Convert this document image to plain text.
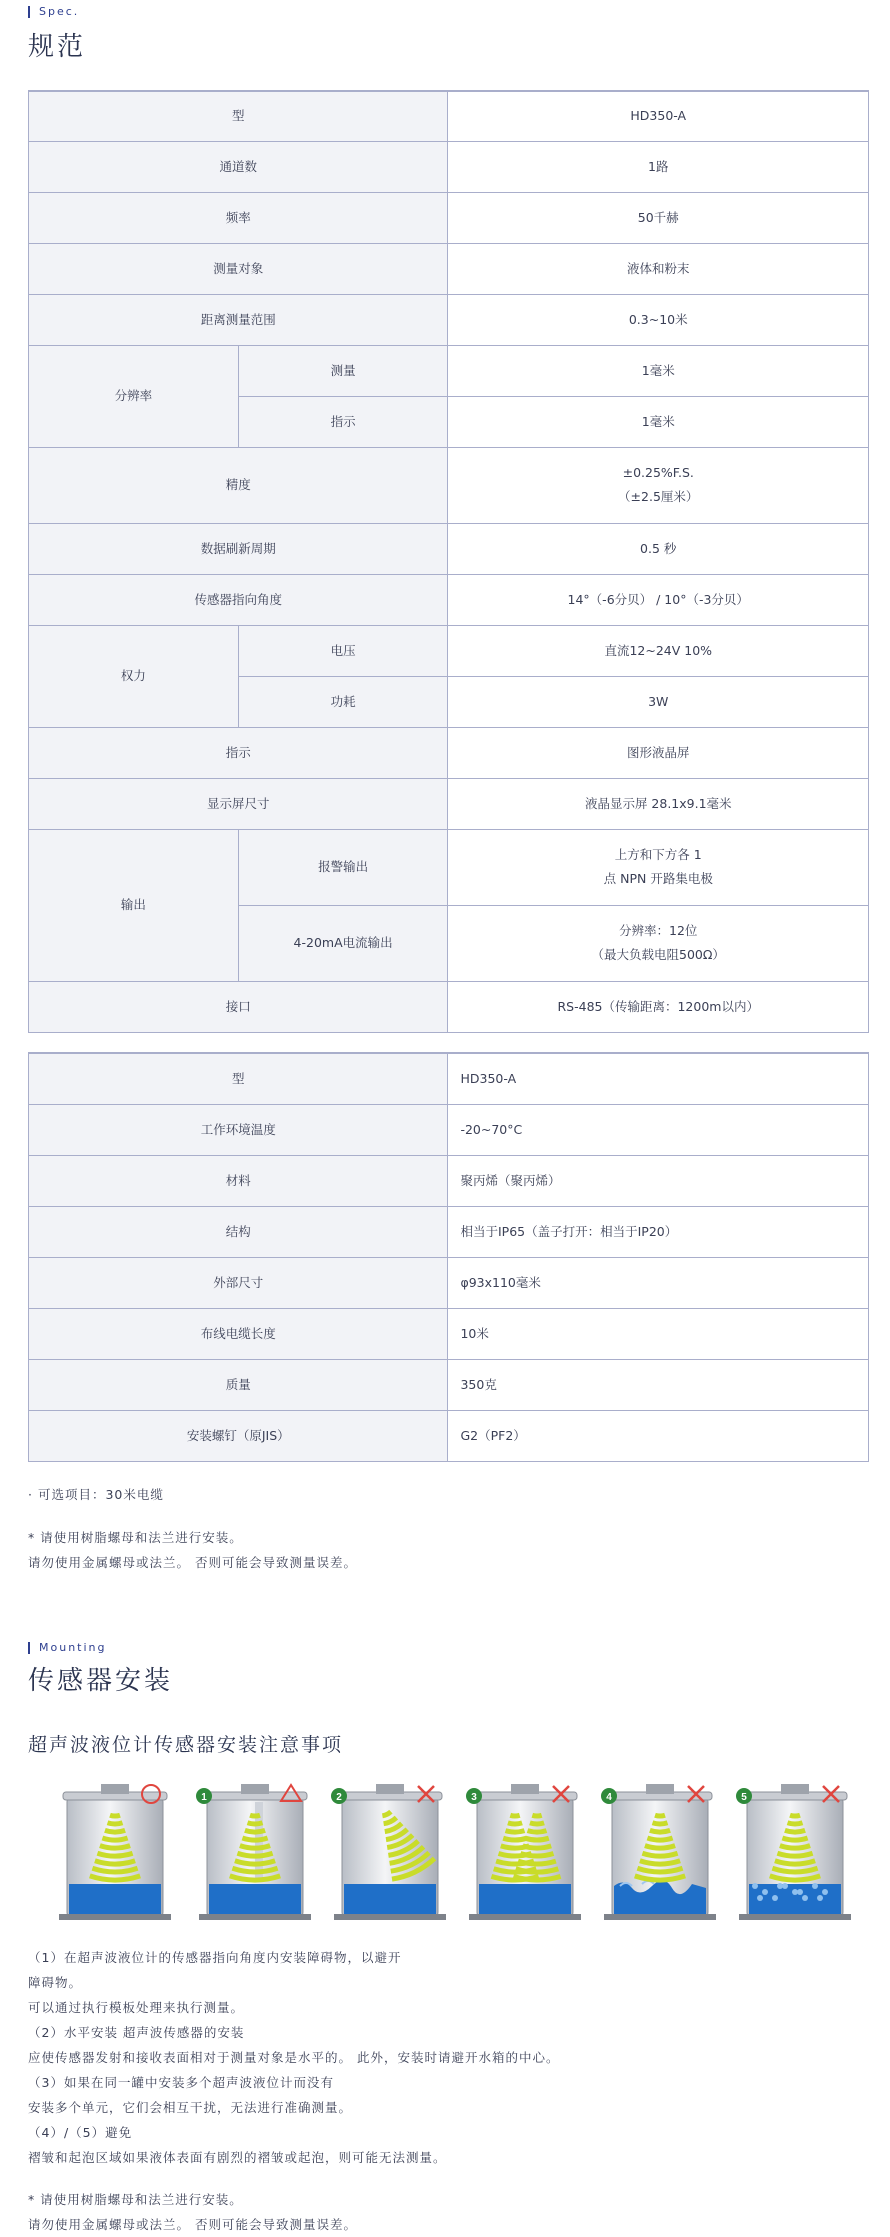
Spec.
规范
型		HD350-A
通道数		1路
频率		50千赫
测量对象		液体和粉末
距离测量范围		0.3~10米
分辨率	测量	1毫米
	指示	1毫米
精度		±0.25%F.S.
（±2.5厘米）

数据刷新周期		0.5 秒
传感器指向角度		14°（-6分贝） / 10°（-3分贝）
权力	电压	直流12~24V 10%
	功耗	3W
指示		图形液晶屏
显示屏尺寸		液晶显示屏 28.1x9.1毫米
输出	报警输出	上方和下方各 1
点 NPN 开路集电极

	4-20mA电流输出	分辨率：12位
（最大负载电阻500Ω）

接口		RS-485（传输距离：1200m以内）
型	HD350-A
工作环境温度	-20~70°C
材料	聚丙烯（聚丙烯）
结构	相当于IP65（盖子打开：相当于IP20）
外部尺寸	φ93x110毫米
布线电缆长度	10米
质量	350克
安装螺钉（原JIS）	G2（PF2）
· 可选项目：30米电缆
* 请使用树脂螺母和法兰进行安装。
请勿使用金属螺母或法兰。 否则可能会导致测量误差。
Mounting
传感器安装
超声波液位计传感器安装注意事项
1	2	3	4	5
（1）在超声波液位计的传感器指向角度内安装障碍物，以避开
障碍物。
可以通过执行模板处理来执行测量。
（2）水平安装 超声波传感器的安装
应使传感器发射和接收表面相对于测量对象是水平的。 此外，安装时请避开水箱的中心。
（3）如果在同一罐中安装多个超声波液位计而没有
安装多个单元，它们会相互干扰，无法进行准确测量。
（4）/（5）避免
褶皱和起泡区域如果液体表面有剧烈的褶皱或起泡，则可能无法测量。
* 请使用树脂螺母和法兰进行安装。
请勿使用金属螺母或法兰。 否则可能会导致测量误差。
